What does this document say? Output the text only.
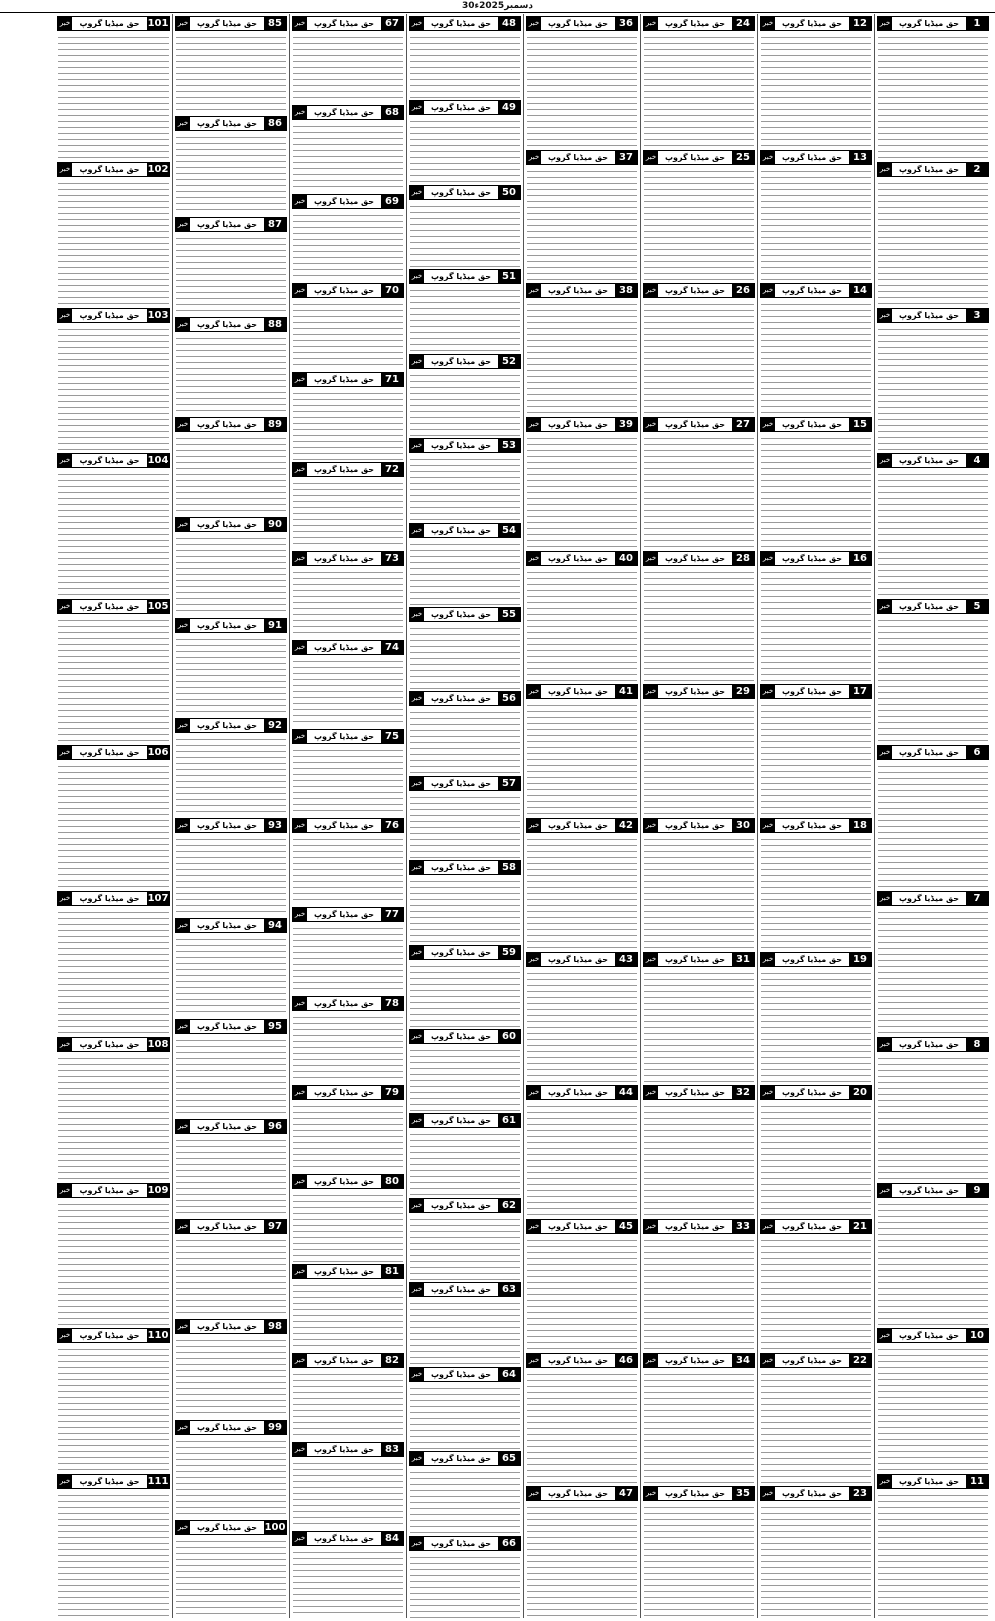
30دسمبر2025ء
1
حق میڈیا گروپ
خبر
2
حق میڈیا گروپ
خبر
3
حق میڈیا گروپ
خبر
4
حق میڈیا گروپ
خبر
5
حق میڈیا گروپ
خبر
6
حق میڈیا گروپ
خبر
7
حق میڈیا گروپ
خبر
8
حق میڈیا گروپ
خبر
9
حق میڈیا گروپ
خبر
10
حق میڈیا گروپ
خبر
11
حق میڈیا گروپ
خبر
12
حق میڈیا گروپ
خبر
13
حق میڈیا گروپ
خبر
14
حق میڈیا گروپ
خبر
15
حق میڈیا گروپ
خبر
16
حق میڈیا گروپ
خبر
17
حق میڈیا گروپ
خبر
18
حق میڈیا گروپ
خبر
19
حق میڈیا گروپ
خبر
20
حق میڈیا گروپ
خبر
21
حق میڈیا گروپ
خبر
22
حق میڈیا گروپ
خبر
23
حق میڈیا گروپ
خبر
24
حق میڈیا گروپ
خبر
25
حق میڈیا گروپ
خبر
26
حق میڈیا گروپ
خبر
27
حق میڈیا گروپ
خبر
28
حق میڈیا گروپ
خبر
29
حق میڈیا گروپ
خبر
30
حق میڈیا گروپ
خبر
31
حق میڈیا گروپ
خبر
32
حق میڈیا گروپ
خبر
33
حق میڈیا گروپ
خبر
34
حق میڈیا گروپ
خبر
35
حق میڈیا گروپ
خبر
36
حق میڈیا گروپ
خبر
37
حق میڈیا گروپ
خبر
38
حق میڈیا گروپ
خبر
39
حق میڈیا گروپ
خبر
40
حق میڈیا گروپ
خبر
41
حق میڈیا گروپ
خبر
42
حق میڈیا گروپ
خبر
43
حق میڈیا گروپ
خبر
44
حق میڈیا گروپ
خبر
45
حق میڈیا گروپ
خبر
46
حق میڈیا گروپ
خبر
47
حق میڈیا گروپ
خبر
48
حق میڈیا گروپ
خبر
49
حق میڈیا گروپ
خبر
50
حق میڈیا گروپ
خبر
51
حق میڈیا گروپ
خبر
52
حق میڈیا گروپ
خبر
53
حق میڈیا گروپ
خبر
54
حق میڈیا گروپ
خبر
55
حق میڈیا گروپ
خبر
56
حق میڈیا گروپ
خبر
57
حق میڈیا گروپ
خبر
58
حق میڈیا گروپ
خبر
59
حق میڈیا گروپ
خبر
60
حق میڈیا گروپ
خبر
61
حق میڈیا گروپ
خبر
62
حق میڈیا گروپ
خبر
63
حق میڈیا گروپ
خبر
64
حق میڈیا گروپ
خبر
65
حق میڈیا گروپ
خبر
66
حق میڈیا گروپ
خبر
67
حق میڈیا گروپ
خبر
68
حق میڈیا گروپ
خبر
69
حق میڈیا گروپ
خبر
70
حق میڈیا گروپ
خبر
71
حق میڈیا گروپ
خبر
72
حق میڈیا گروپ
خبر
73
حق میڈیا گروپ
خبر
74
حق میڈیا گروپ
خبر
75
حق میڈیا گروپ
خبر
76
حق میڈیا گروپ
خبر
77
حق میڈیا گروپ
خبر
78
حق میڈیا گروپ
خبر
79
حق میڈیا گروپ
خبر
80
حق میڈیا گروپ
خبر
81
حق میڈیا گروپ
خبر
82
حق میڈیا گروپ
خبر
83
حق میڈیا گروپ
خبر
84
حق میڈیا گروپ
خبر
85
حق میڈیا گروپ
خبر
86
حق میڈیا گروپ
خبر
87
حق میڈیا گروپ
خبر
88
حق میڈیا گروپ
خبر
89
حق میڈیا گروپ
خبر
90
حق میڈیا گروپ
خبر
91
حق میڈیا گروپ
خبر
92
حق میڈیا گروپ
خبر
93
حق میڈیا گروپ
خبر
94
حق میڈیا گروپ
خبر
95
حق میڈیا گروپ
خبر
96
حق میڈیا گروپ
خبر
97
حق میڈیا گروپ
خبر
98
حق میڈیا گروپ
خبر
99
حق میڈیا گروپ
خبر
100
حق میڈیا گروپ
خبر
101
حق میڈیا گروپ
خبر
102
حق میڈیا گروپ
خبر
103
حق میڈیا گروپ
خبر
104
حق میڈیا گروپ
خبر
105
حق میڈیا گروپ
خبر
106
حق میڈیا گروپ
خبر
107
حق میڈیا گروپ
خبر
108
حق میڈیا گروپ
خبر
109
حق میڈیا گروپ
خبر
110
حق میڈیا گروپ
خبر
111
حق میڈیا گروپ
خبر
